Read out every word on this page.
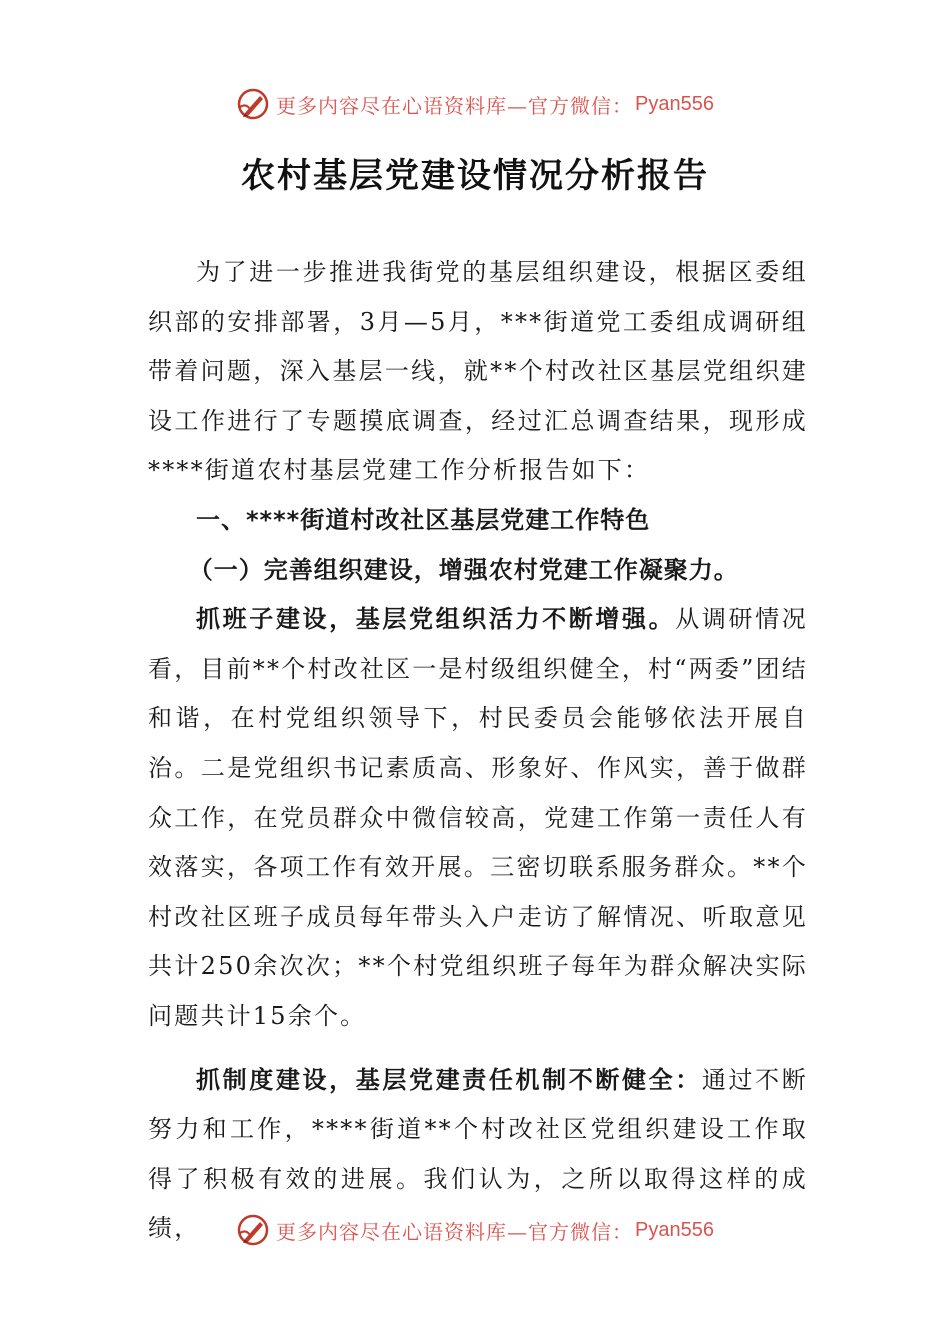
更多内容尽在心语资料库—官方微信： Pyan556
农村基层党建设情况分析报告

为了进一步推进我街党的基层组织建设，根据区委组织部的安排部署，3月—5月，***街道党工委组成调研组带着问题，深入基层一线，就**个村改社区基层党组织建设工作进行了专题摸底调查，经过汇总调查结果，现形成****街道农村基层党建工作分析报告如下：

一、****街道村改社区基层党建工作特色

（一）完善组织建设，增强农村党建工作凝聚力。

抓班子建设，基层党组织活力不断增强。从调研情况看，目前**个村改社区一是村级组织健全，村“两委”团结和谐，在村党组织领导下，村民委员会能够依法开展自治。二是党组织书记素质高、形象好、作风实，善于做群众工作，在党员群众中微信较高，党建工作第一责任人有效落实，各项工作有效开展。三密切联系服务群众。**个村改社区班子成员每年带头入户走访了解情况、听取意见共计250余次次；**个村党组织班子每年为群众解决实际问题共计15余个。

抓制度建设，基层党建责任机制不断健全：通过不断努力和工作，****街道**个村改社区党组织建设工作取得了积极有效的进展。我们认为，之所以取得这样的成绩，	更多内容尽在心语资料库—官方微信： Pyan556
